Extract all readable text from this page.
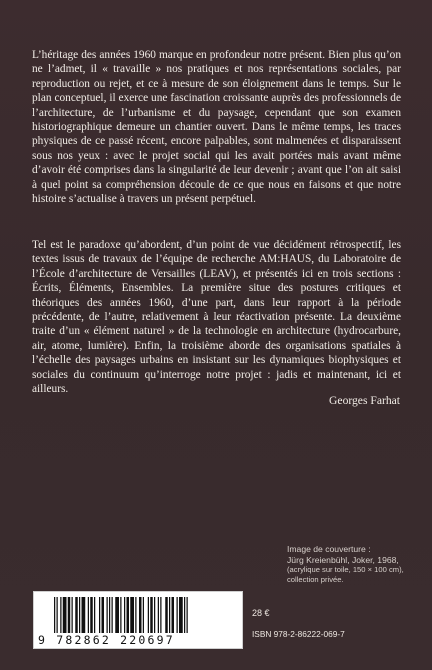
L’héritage des années 1960 marque en profondeur notre présent. Bien plus qu’on ne l’admet, il « travaille » nos pratiques et nos représentations sociales, par reproduction ou rejet, et ce à mesure de son éloignement dans le temps. Sur le plan conceptuel, il exerce une fascination croissante auprès des professionnels de l’architecture, de l’urbanisme et du paysage, cependant que son examen historiographique demeure un chantier ouvert. Dans le même temps, les traces physiques de ce passé récent, encore palpables, sont malmenées et disparaissent sous nos yeux : avec le projet social qui les avait portées mais avant même d’avoir été comprises dans la singularité de leur devenir ; avant que l’on ait saisi à quel point sa compréhension découle de ce que nous en faisons et que notre histoire s’actualise à travers un présent perpétuel.

Tel est le paradoxe qu’abordent, d’un point de vue décidément rétrospectif, les textes issus de travaux de l’équipe de recherche AM:HAUS, du Laboratoire de l’École d’architecture de Versailles (LEAV), et présentés ici en trois sections : Écrits, Éléments, Ensembles. La première situe des postures critiques et théoriques des années 1960, d’une part, dans leur rapport à la période précédente, de l’autre, relativement à leur réactivation présente. La deuxième traite d’un « élément naturel » de la technologie en architecture (hydrocarbure, air, atome, lumière). Enfin, la troisième aborde des organisations spatiales à l’échelle des paysages urbains en insistant sur les dynamiques biophysiques et sociales du continuum qu’interroge notre projet : jadis et maintenant, ici et ailleurs.

Georges Farhat

Image de couverture :
Jürg Kreienbühl, Joker, 1968,
(acrylique sur toile, 150 × 100 cm),
collection privée.
9 782862 220697
28 €
ISBN 978-2-86222-069-7
